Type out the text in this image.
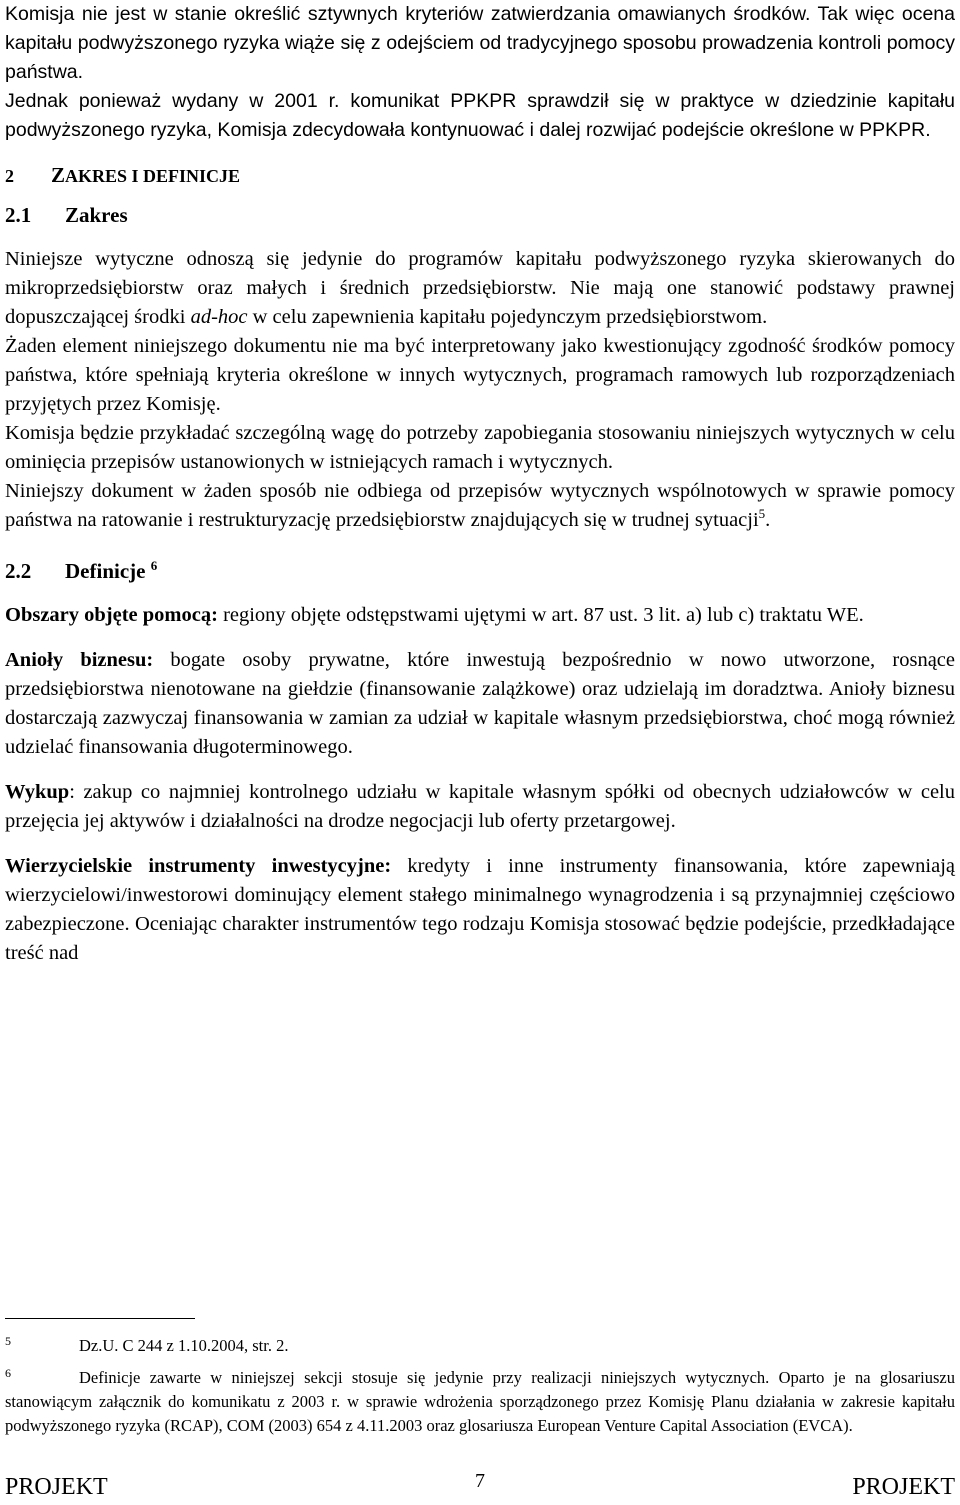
Komisja nie jest w stanie określić sztywnych kryteriów zatwierdzania omawianych środków. Tak więc ocena kapitału podwyższonego ryzyka wiąże się z odejściem od tradycyjnego sposobu prowadzenia kontroli pomocy państwa.

Jednak ponieważ wydany w 2001 r. komunikat PPKPR sprawdził się w praktyce w dziedzinie kapitału podwyższonego ryzyka, Komisja zdecydowała kontynuować i dalej rozwijać podejście określone w PPKPR.

2 ZAKRES I DEFINICJE
2.1 Zakres

Niniejsze wytyczne odnoszą się jedynie do programów kapitału podwyższonego ryzyka skierowanych do mikroprzedsiębiorstw oraz małych i średnich przedsiębiorstw. Nie mają one stanowić podstawy prawnej dopuszczającej środki ad-hoc w celu zapewnienia kapitału pojedynczym przedsiębiorstwom.

Żaden element niniejszego dokumentu nie ma być interpretowany jako kwestionujący zgodność środków pomocy państwa, które spełniają kryteria określone w innych wytycznych, programach ramowych lub rozporządzeniach przyjętych przez Komisję.

Komisja będzie przykładać szczególną wagę do potrzeby zapobiegania stosowaniu niniejszych wytycznych w celu ominięcia przepisów ustanowionych w istniejących ramach i wytycznych.

Niniejszy dokument w żaden sposób nie odbiega od przepisów wytycznych wspólnotowych w sprawie pomocy państwa na ratowanie i restrukturyzację przedsiębiorstw znajdujących się w trudnej sytuacji$^5$.

2.2 Definicje $^6$

Obszary objęte pomocą: regiony objęte odstępstwami ujętymi w art. 87 ust. 3 lit. a) lub c) traktatu WE.

Anioły biznesu: bogate osoby prywatne, które inwestują bezpośrednio w nowo utworzone, rosnące przedsiębiorstwa nienotowane na giełdzie (finansowanie zalążkowe) oraz udzielają im doradztwa. Anioły biznesu dostarczają zazwyczaj finansowania w zamian za udział w kapitale własnym przedsiębiorstwa, choć mogą również udzielać finansowania długoterminowego.

Wykup: zakup co najmniej kontrolnego udziału w kapitale własnym spółki od obecnych udziałowców w celu przejęcia jej aktywów i działalności na drodze negocjacji lub oferty przetargowej.

Wierzycielskie instrumenty inwestycyjne: kredyty i inne instrumenty finansowania, które zapewniają wierzycielowi/inwestorowi dominujący element stałego minimalnego wynagrodzenia i są przynajmniej częściowo zabezpieczone. Oceniając charakter instrumentów tego rodzaju Komisja stosować będzie podejście, przedkładające treść nad

5	Dz.U. C 244 z 1.10.2004, str. 2.

6	Definicje zawarte w niniejszej sekcji stosuje się jedynie przy realizacji niniejszych wytycznych. Oparto je na glosariuszu stanowiącym załącznik do komunikatu z 2003 r. w sprawie wdrożenia sporządzonego przez Komisję Planu działania w zakresie kapitału podwyższonego ryzyka (RCAP), COM (2003) 654 z 4.11.2003 oraz glosariusza European Venture Capital Association (EVCA).

PROJEKT	7	PROJEKT
